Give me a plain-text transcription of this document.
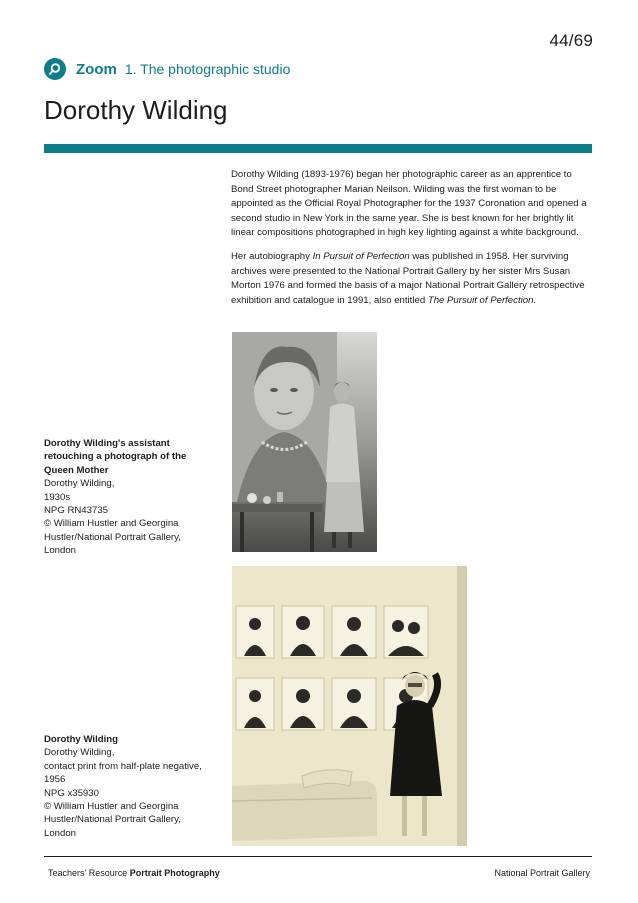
44/69
Zoom 1. The photographic studio
Dorothy Wilding

Dorothy Wilding (1893-1976) began her photographic career as an apprentice to Bond Street photographer Marian Neilson. Wilding was the first woman to be appointed as the Official Royal Photographer for the 1937 Coronation and opened a second studio in New York in the same year. She is best known for her brightly lit linear compositions photographed in high key lighting against a white background.

Her autobiography In Pursuit of Perfection was published in 1958. Her surviving archives were presented to the National Portrait Gallery by her sister Mrs Susan Morton 1976 and formed the basis of a major National Portrait Gallery retrospective exhibition and catalogue in 1991, also entitled The Pursuit of Perfection.

Dorothy Wilding's assistant retouching a photograph of the Queen Mother
Dorothy Wilding,
1930s
NPG RN43735
© William Hustler and Georgina Hustler/National Portrait Gallery, London
Dorothy Wilding
Dorothy Wilding,
contact print from half-plate negative, 1956
NPG x35930
© William Hustler and Georgina Hustler/National Portrait Gallery, London
Teachers' Resource Portrait Photography	National Portrait Gallery
